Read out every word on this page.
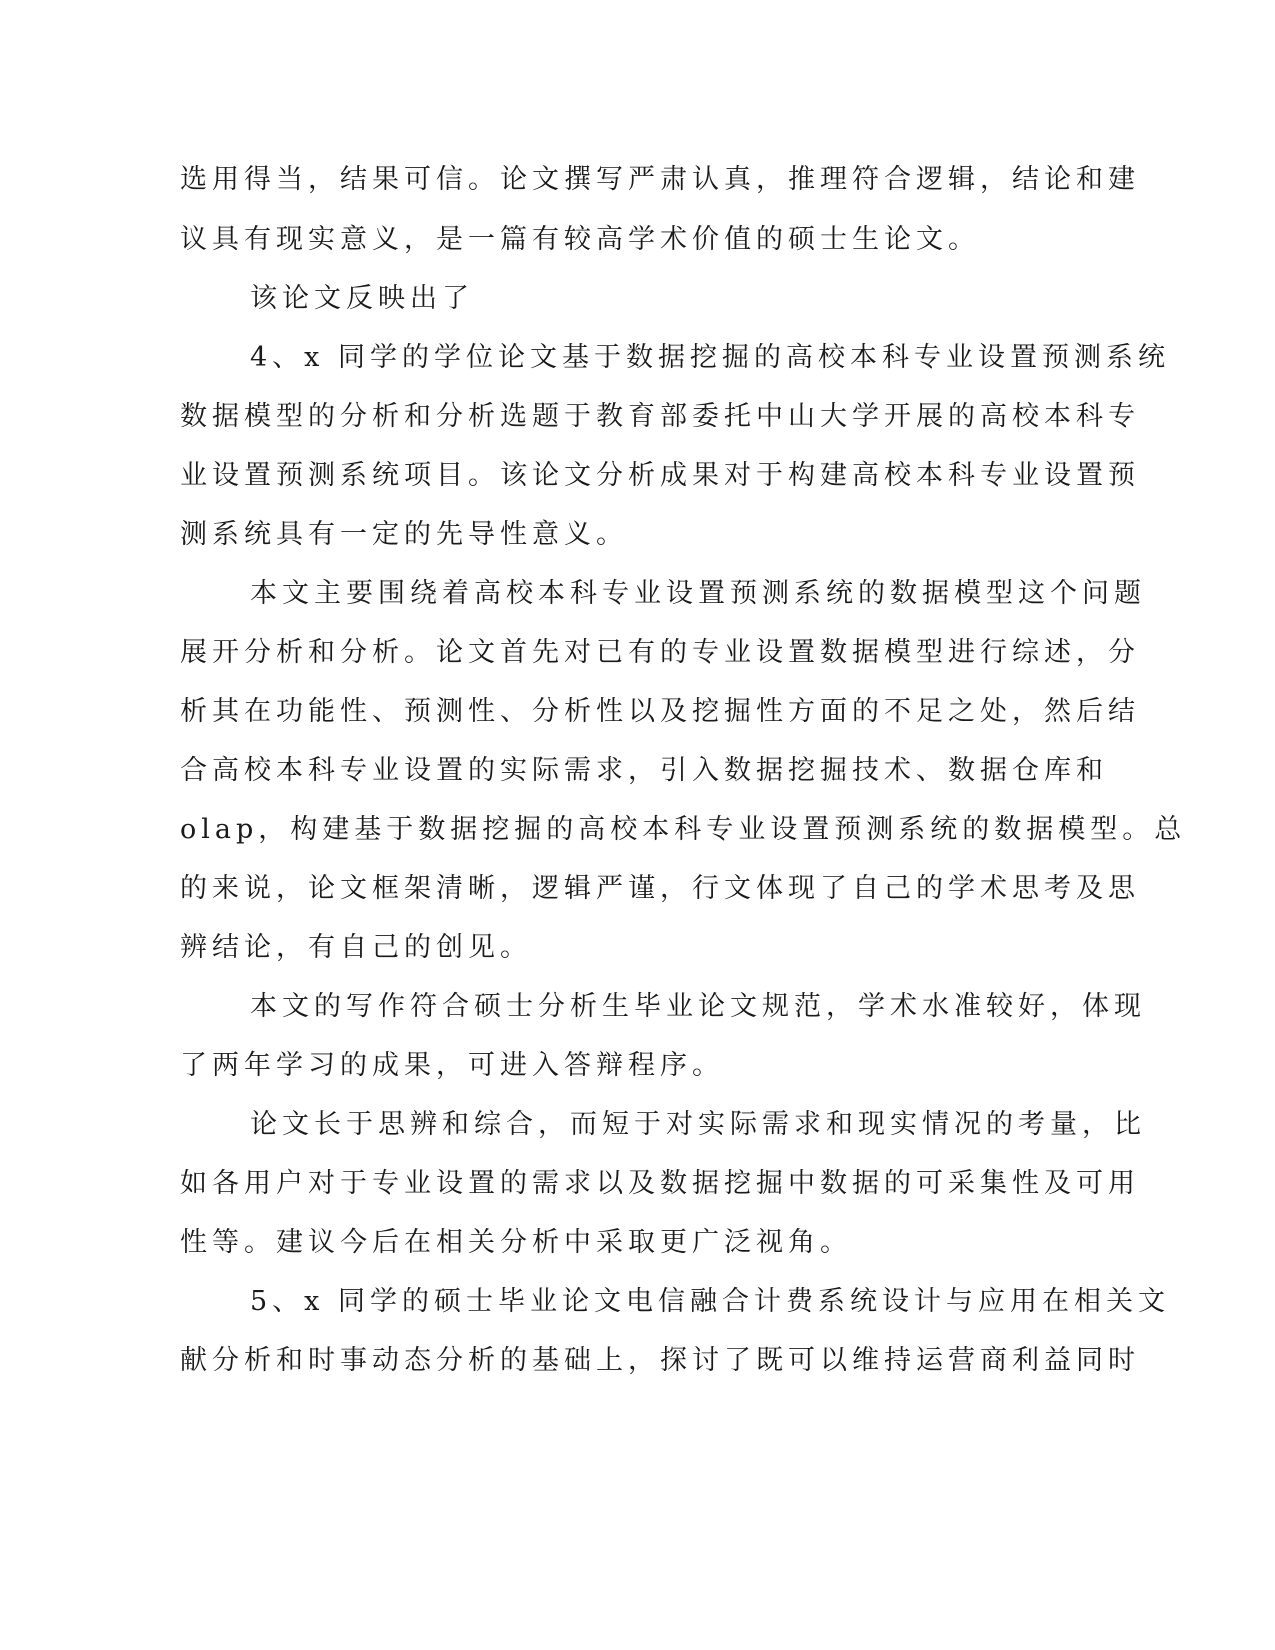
选用得当，结果可信。论文撰写严肃认真，推理符合逻辑，结论和建

议具有现实意义，是一篇有较高学术价值的硕士生论文。

该论文反映出了

4、x 同学的学位论文基于数据挖掘的高校本科专业设置预测系统

数据模型的分析和分析选题于教育部委托中山大学开展的高校本科专

业设置预测系统项目。该论文分析成果对于构建高校本科专业设置预

测系统具有一定的先导性意义。

本文主要围绕着高校本科专业设置预测系统的数据模型这个问题

展开分析和分析。论文首先对已有的专业设置数据模型进行综述，分

析其在功能性、预测性、分析性以及挖掘性方面的不足之处，然后结

合高校本科专业设置的实际需求，引入数据挖掘技术、数据仓库和

olap，构建基于数据挖掘的高校本科专业设置预测系统的数据模型。总

的来说，论文框架清晰，逻辑严谨，行文体现了自己的学术思考及思

辨结论，有自己的创见。

本文的写作符合硕士分析生毕业论文规范，学术水准较好，体现

了两年学习的成果，可进入答辩程序。

论文长于思辨和综合，而短于对实际需求和现实情况的考量，比

如各用户对于专业设置的需求以及数据挖掘中数据的可采集性及可用

性等。建议今后在相关分析中采取更广泛视角。

5、x 同学的硕士毕业论文电信融合计费系统设计与应用在相关文

献分析和时事动态分析的基础上，探讨了既可以维持运营商利益同时
